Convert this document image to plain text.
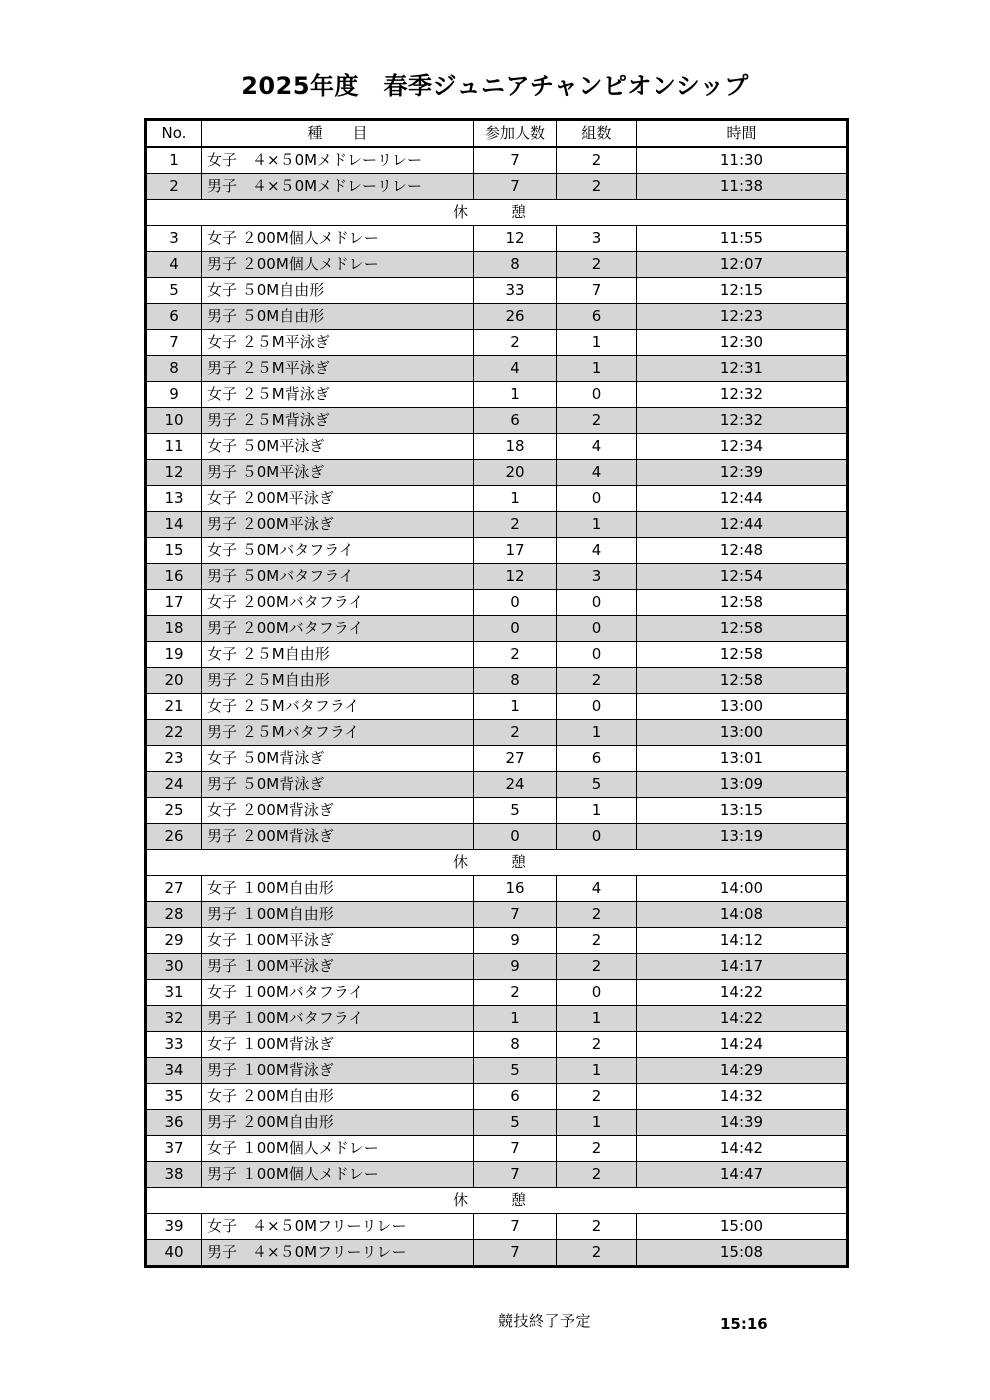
2025年度　春季ジュニアチャンピオンシップ
No.	種　　目	参加人数	組数	時間
1	女子　４×５0Mメドレーリレー	7	2	11:30
2	男子　４×５0Mメドレーリレー	7	2	11:38
休　憩				
3	女子 ２00M個人メドレー	12	3	11:55
4	男子 ２00M個人メドレー	8	2	12:07
5	女子 ５0M自由形	33	7	12:15
6	男子 ５0M自由形	26	6	12:23
7	女子 ２５M平泳ぎ	2	1	12:30
8	男子 ２５M平泳ぎ	4	1	12:31
9	女子 ２５M背泳ぎ	1	0	12:32
10	男子 ２５M背泳ぎ	6	2	12:32
11	女子 ５0M平泳ぎ	18	4	12:34
12	男子 ５0M平泳ぎ	20	4	12:39
13	女子 ２00M平泳ぎ	1	0	12:44
14	男子 ２00M平泳ぎ	2	1	12:44
15	女子 ５0Mバタフライ	17	4	12:48
16	男子 ５0Mバタフライ	12	3	12:54
17	女子 ２00Mバタフライ	0	0	12:58
18	男子 ２00Mバタフライ	0	0	12:58
19	女子 ２５M自由形	2	0	12:58
20	男子 ２５M自由形	8	2	12:58
21	女子 ２５Mバタフライ	1	0	13:00
22	男子 ２５Mバタフライ	2	1	13:00
23	女子 ５0M背泳ぎ	27	6	13:01
24	男子 ５0M背泳ぎ	24	5	13:09
25	女子 ２00M背泳ぎ	5	1	13:15
26	男子 ２00M背泳ぎ	0	0	13:19
休　憩				
27	女子 １00M自由形	16	4	14:00
28	男子 １00M自由形	7	2	14:08
29	女子 １00M平泳ぎ	9	2	14:12
30	男子 １00M平泳ぎ	9	2	14:17
31	女子 １00Mバタフライ	2	0	14:22
32	男子 １00Mバタフライ	1	1	14:22
33	女子 １00M背泳ぎ	8	2	14:24
34	男子 １00M背泳ぎ	5	1	14:29
35	女子 ２00M自由形	6	2	14:32
36	男子 ２00M自由形	5	1	14:39
37	女子 １00M個人メドレー	7	2	14:42
38	男子 １00M個人メドレー	7	2	14:47
休　憩				
39	女子　４×５0Mフリーリレー	7	2	15:00
40	男子　４×５0Mフリーリレー	7	2	15:08
競技終了予定	15:16
